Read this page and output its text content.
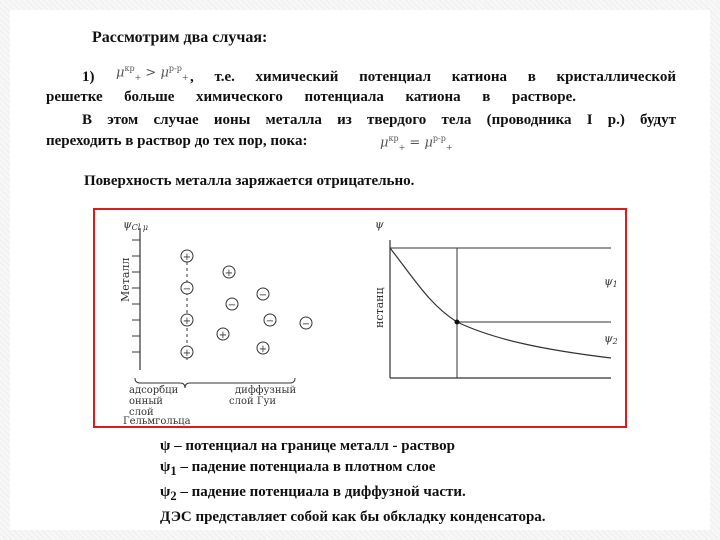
Рассмотрим два случая:
1) $\mu^{кр}_+ > \mu^{р-р}_+$ , т.е. химический потенциал катиона в кристаллической
решетке больше химического потенциала катиона в растворе.
В этом случае ионы металла из твердого тела (проводника I р.) будут
переходить в раствор до тех пор, пока:	$\mu^{кр}_+ = \mu^{р-р}_+$
Поверхность металла заряжается отрицательно.
ψCl μ
Металл
+
−
+
+
+
−
+
−
−
+
−
адсорбци
онный
слой
Гельмгольца
диффузный
слой Гуи
ψ
нстанц
ψ1
ψ2
ψ – потенциал на границе металл - раствор
$\psi_1$ – падение потенциала в плотном слое
$\psi_2$ – падение потенциала в диффузной части.
ДЭС представляет собой как бы обкладку конденсатора.
